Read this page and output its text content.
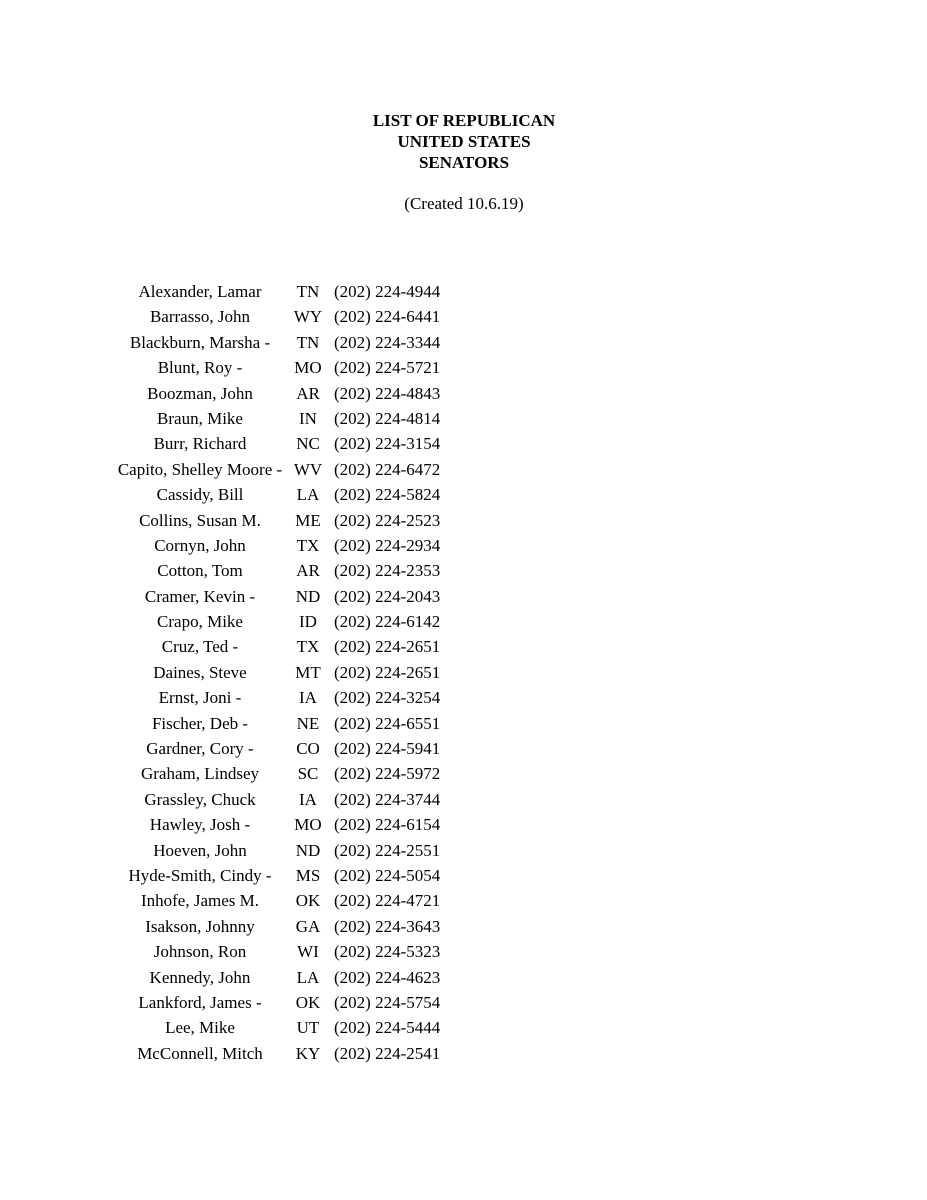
LIST OF REPUBLICAN
UNITED STATES
SENATORS
(Created 10.6.19)
Alexander, Lamar	TN (202) 224-4944
Barrasso, John	WY (202) 224-6441
Blackburn, Marsha -	TN (202) 224-3344
Blunt, Roy -	MO (202) 224-5721
Boozman, John	AR (202) 224-4843
Braun, Mike	IN	(202) 224-4814
Burr, Richard	NC (202) 224-3154
Capito, Shelley Moore - WV (202) 224-6472
Cassidy, Bill	LA (202) 224-5824
Collins, Susan M.	ME (202) 224-2523
Cornyn, John	TX (202) 224-2934
Cotton, Tom	AR (202) 224-2353
Cramer, Kevin -	ND (202) 224-2043
Crapo, Mike	ID	(202) 224-6142
Cruz, Ted -	TX (202) 224-2651
Daines, Steve	MT (202) 224-2651
Ernst, Joni -	IA	(202) 224-3254
Fischer, Deb -	NE (202) 224-6551
Gardner, Cory -	CO (202) 224-5941
Graham, Lindsey	SC (202) 224-5972
Grassley, Chuck	IA	(202) 224-3744
Hawley, Josh -	MO (202) 224-6154
Hoeven, John	ND (202) 224-2551
Hyde-Smith, Cindy -	MS (202) 224-5054
Inhofe, James M.	OK (202) 224-4721
Isakson, Johnny	GA (202) 224-3643
Johnson, Ron	WI (202) 224-5323
Kennedy, John	LA (202) 224-4623
Lankford, James -	OK (202) 224-5754
Lee, Mike	UT (202) 224-5444
McConnell, Mitch	KY (202) 224-2541
